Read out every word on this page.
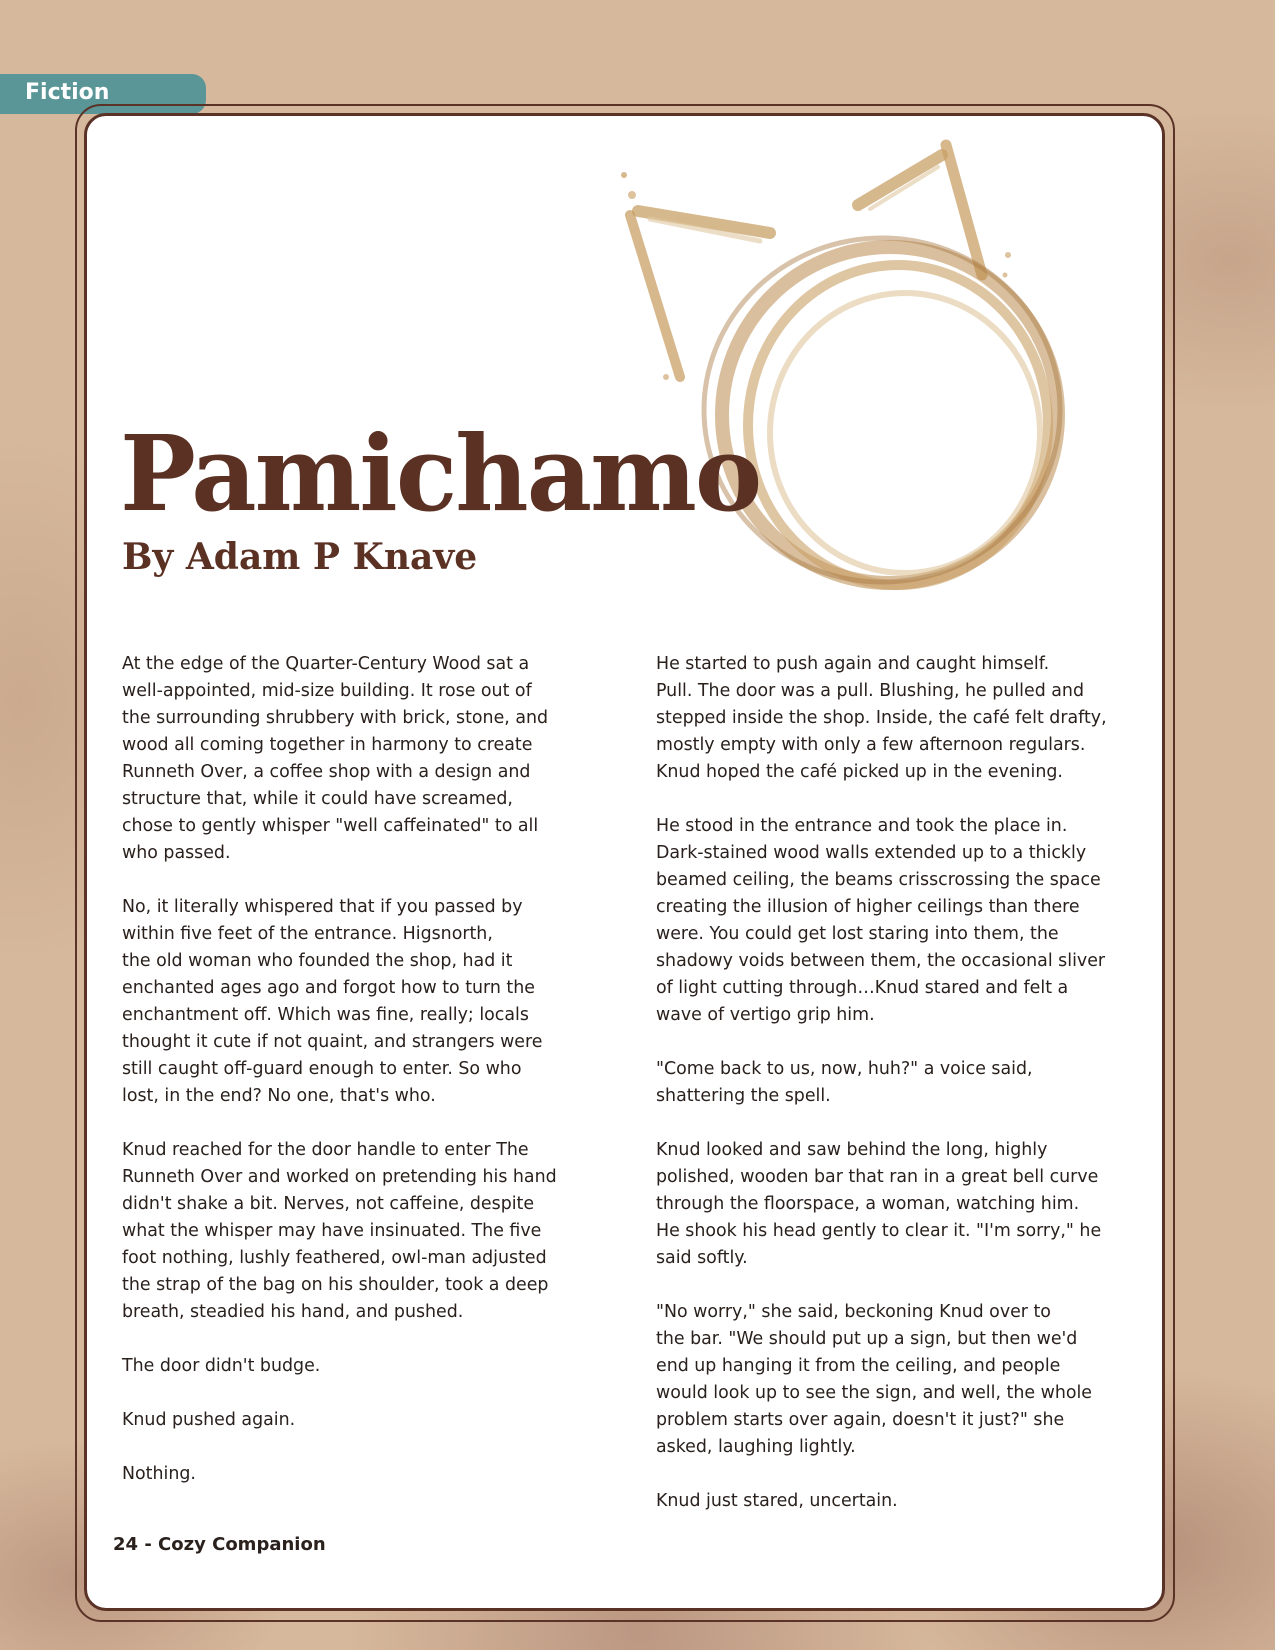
Fiction
Pamichamo
By Adam P Knave

At the edge of the Quarter-Century Wood sat a
well-appointed, mid-size building. It rose out of
the surrounding shrubbery with brick, stone, and
wood all coming together in harmony to create
Runneth Over, a coffee shop with a design and
structure that, while it could have screamed,
chose to gently whisper "well caffeinated" to all
who passed.

No, it literally whispered that if you passed by
within five feet of the entrance. Higsnorth,
the old woman who founded the shop, had it
enchanted ages ago and forgot how to turn the
enchantment off. Which was fine, really; locals
thought it cute if not quaint, and strangers were
still caught off-guard enough to enter. So who
lost, in the end? No one, that's who.

Knud reached for the door handle to enter The
Runneth Over and worked on pretending his hand
didn't shake a bit. Nerves, not caffeine, despite
what the whisper may have insinuated. The five
foot nothing, lushly feathered, owl-man adjusted
the strap of the bag on his shoulder, took a deep
breath, steadied his hand, and pushed.

The door didn't budge.

Knud pushed again.

Nothing.

He started to push again and caught himself.
Pull. The door was a pull. Blushing, he pulled and
stepped inside the shop. Inside, the café felt drafty,
mostly empty with only a few afternoon regulars.
Knud hoped the café picked up in the evening.

He stood in the entrance and took the place in.
Dark-stained wood walls extended up to a thickly
beamed ceiling, the beams crisscrossing the space
creating the illusion of higher ceilings than there
were. You could get lost staring into them, the
shadowy voids between them, the occasional sliver
of light cutting through…Knud stared and felt a
wave of vertigo grip him.

"Come back to us, now, huh?" a voice said,
shattering the spell.

Knud looked and saw behind the long, highly
polished, wooden bar that ran in a great bell curve
through the floorspace, a woman, watching him.
He shook his head gently to clear it. "I'm sorry," he
said softly.

"No worry," she said, beckoning Knud over to
the bar. "We should put up a sign, but then we'd
end up hanging it from the ceiling, and people
would look up to see the sign, and well, the whole
problem starts over again, doesn't it just?" she
asked, laughing lightly.

Knud just stared, uncertain.

24 - Cozy Companion
